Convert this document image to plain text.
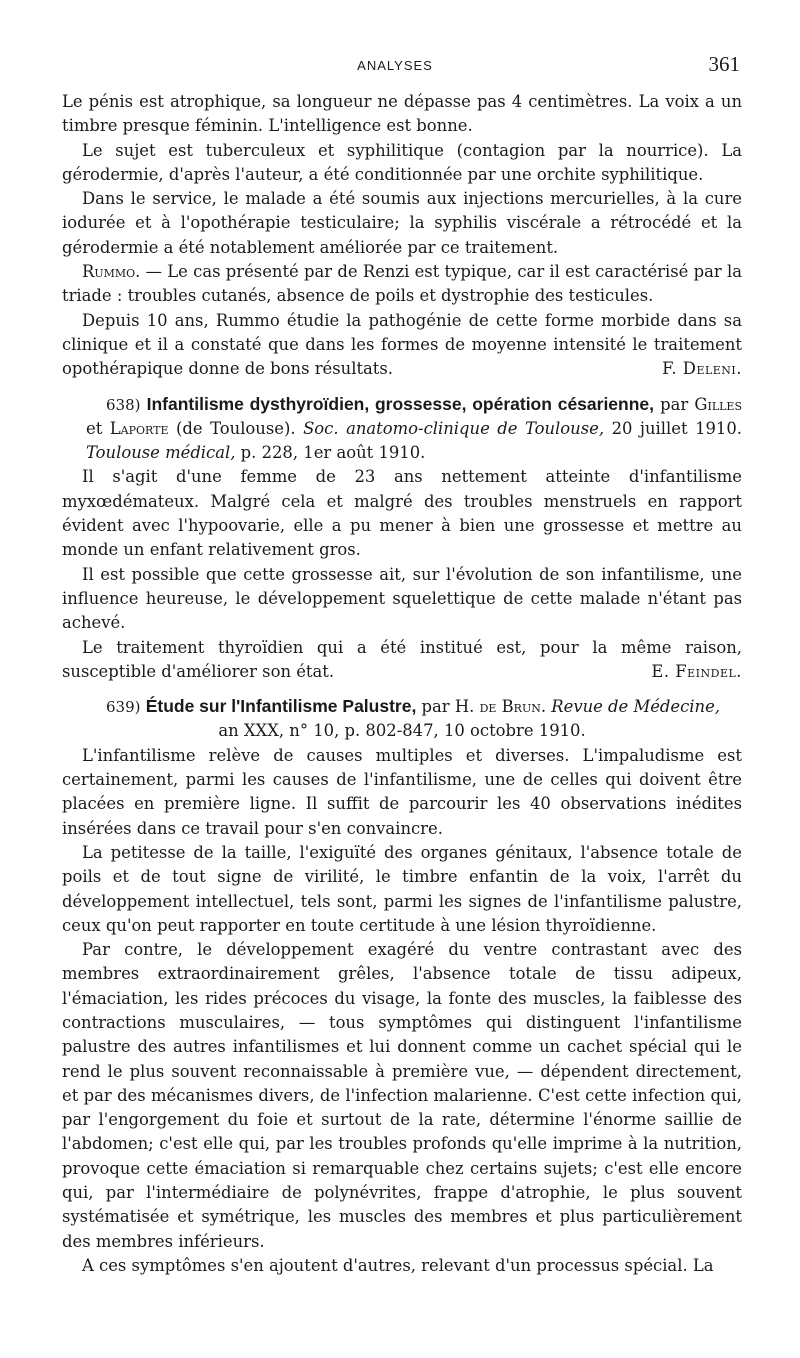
ANALYSES	361

Le pénis est atrophique, sa longueur ne dépasse pas 4 centimètres. La voix a un timbre presque féminin. L'intelligence est bonne.

Le sujet est tuberculeux et syphilitique (contagion par la nourrice). La gérodermie, d'après l'auteur, a été conditionnée par une orchite syphilitique.

Dans le service, le malade a été soumis aux injections mercurielles, à la cure iodurée et à l'opothérapie testiculaire; la syphilis viscérale a rétrocédé et la gérodermie a été notablement améliorée par ce traitement.

Rummo. — Le cas présenté par de Renzi est typique, car il est caractérisé par la triade : troubles cutanés, absence de poils et dystrophie des testicules.

Depuis 10 ans, Rummo étudie la pathogénie de cette forme morbide dans sa clinique et il a constaté que dans les formes de moyenne intensité le traitement opothérapique donne de bons résultats.	F. Deleni.

638) Infantilisme dysthyroïdien, grossesse, opération césarienne, par Gilles et Laporte (de Toulouse). Soc. anatomo-clinique de Toulouse, 20 juillet 1910. Toulouse médical, p. 228, 1er août 1910.

Il s'agit d'une femme de 23 ans nettement atteinte d'infantilisme myxœdémateux. Malgré cela et malgré des troubles menstruels en rapport évident avec l'hypoovarie, elle a pu mener à bien une grossesse et mettre au monde un enfant relativement gros.

Il est possible que cette grossesse ait, sur l'évolution de son infantilisme, une influence heureuse, le développement squelettique de cette malade n'étant pas achevé.

Le traitement thyroïdien qui a été institué est, pour la même raison, susceptible d'améliorer son état.	E. Feindel.

639) Étude sur l'Infantilisme Palustre, par H. de Brun. Revue de Médecine,

an XXX, n° 10, p. 802-847, 10 octobre 1910.

L'infantilisme relève de causes multiples et diverses. L'impaludisme est certainement, parmi les causes de l'infantilisme, une de celles qui doivent être placées en première ligne. Il suffit de parcourir les 40 observations inédites insérées dans ce travail pour s'en convaincre.

La petitesse de la taille, l'exiguïté des organes génitaux, l'absence totale de poils et de tout signe de virilité, le timbre enfantin de la voix, l'arrêt du développement intellectuel, tels sont, parmi les signes de l'infantilisme palustre, ceux qu'on peut rapporter en toute certitude à une lésion thyroïdienne.

Par contre, le développement exagéré du ventre contrastant avec des membres extraordinairement grêles, l'absence totale de tissu adipeux, l'émaciation, les rides précoces du visage, la fonte des muscles, la faiblesse des contractions musculaires, — tous symptômes qui distinguent l'infantilisme palustre des autres infantilismes et lui donnent comme un cachet spécial qui le rend le plus souvent reconnaissable à première vue, — dépendent directement, et par des mécanismes divers, de l'infection malarienne. C'est cette infection qui, par l'engorgement du foie et surtout de la rate, détermine l'énorme saillie de l'abdomen; c'est elle qui, par les troubles profonds qu'elle imprime à la nutrition, provoque cette émaciation si remarquable chez certains sujets; c'est elle encore qui, par l'intermédiaire de polynévrites, frappe d'atrophie, le plus souvent systématisée et symétrique, les muscles des membres et plus particulièrement des membres inférieurs.

A ces symptômes s'en ajoutent d'autres, relevant d'un processus spécial. La
